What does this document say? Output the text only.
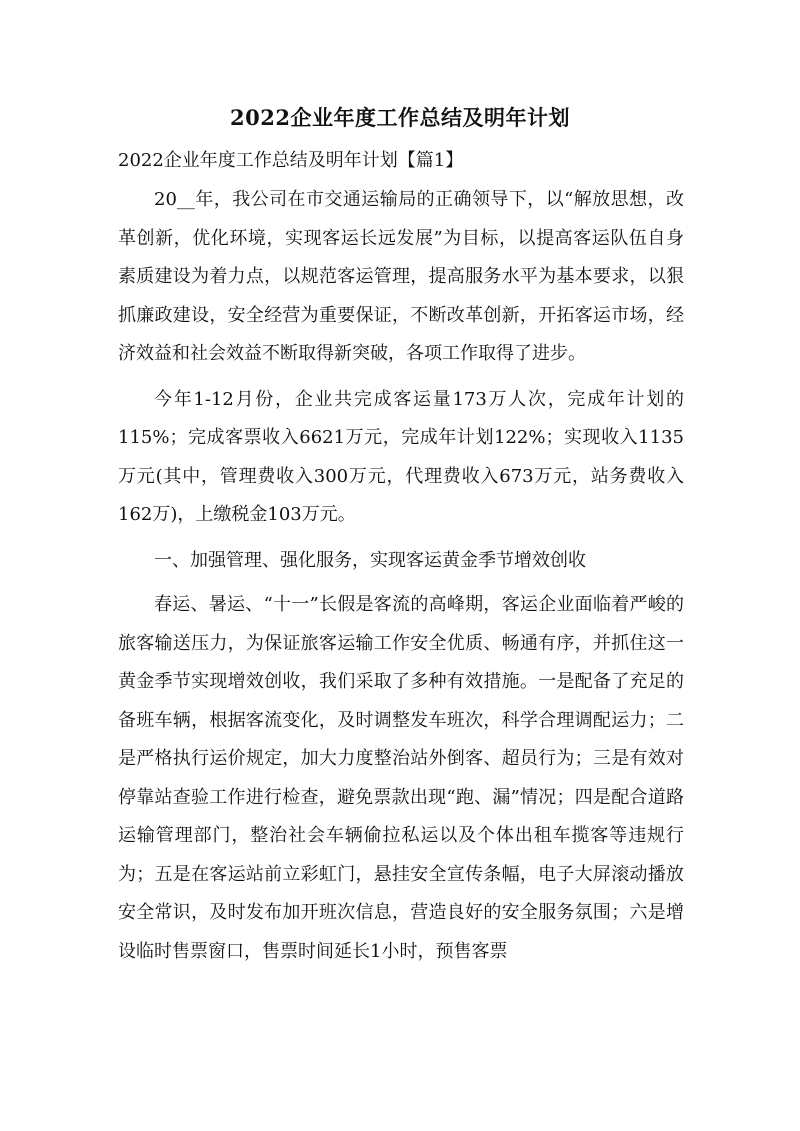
2022企业年度工作总结及明年计划
2022企业年度工作总结及明年计划【篇1】

20__年，我公司在市交通运输局的正确领导下，以“解放思想，改革创新，优化环境，实现客运长远发展”为目标，以提高客运队伍自身素质建设为着力点，以规范客运管理，提高服务水平为基本要求，以狠抓廉政建设，安全经营为重要保证，不断改革创新，开拓客运市场，经济效益和社会效益不断取得新突破，各项工作取得了进步。

今年1-12月份，企业共完成客运量173万人次，完成年计划的115%；完成客票收入6621万元，完成年计划122%；实现收入1135万元(其中，管理费收入300万元，代理费收入673万元，站务费收入162万)，上缴税金103万元。

一、加强管理、强化服务，实现客运黄金季节增效创收

春运、暑运、“十一”长假是客流的高峰期，客运企业面临着严峻的旅客输送压力，为保证旅客运输工作安全优质、畅通有序，并抓住这一黄金季节实现增效创收，我们采取了多种有效措施。一是配备了充足的备班车辆，根据客流变化，及时调整发车班次，科学合理调配运力；二是严格执行运价规定，加大力度整治站外倒客、超员行为；三是有效对停靠站查验工作进行检查，避免票款出现“跑、漏”情况；四是配合道路运输管理部门，整治社会车辆偷拉私运以及个体出租车揽客等违规行为；五是在客运站前立彩虹门，悬挂安全宣传条幅，电子大屏滚动播放安全常识，及时发布加开班次信息，营造良好的安全服务氛围；六是增设临时售票窗口，售票时间延长1小时，预售客票
